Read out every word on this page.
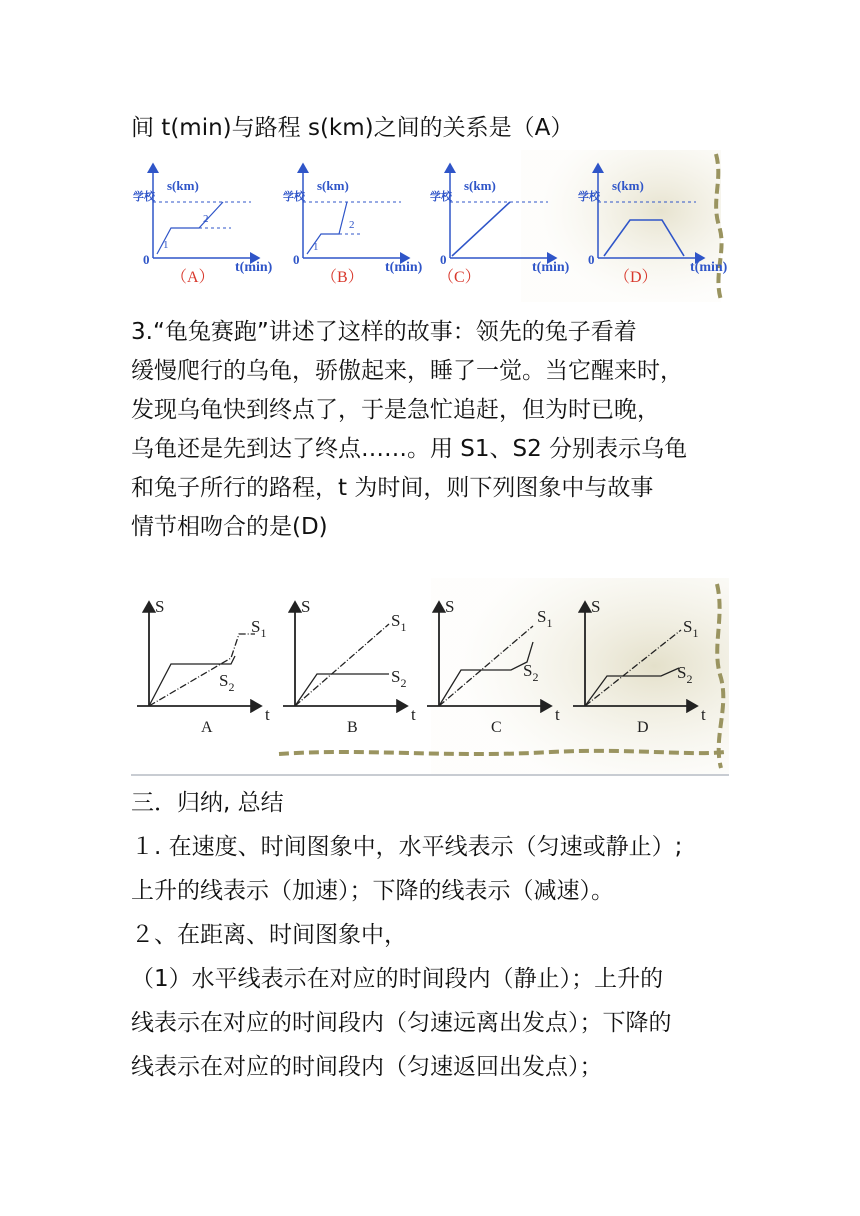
间 t(min)与路程 s(km)之间的关系是（A）
s(km)
学校
0
t(min)
1
2
（A）
s(km)
学校
0
t(min)
1
2
（B）
s(km)
学校
0
t(min)
（C）
s(km)
学校
0
t(min)
（D）
3.“龟兔赛跑”讲述了这样的故事：领先的兔子看着
缓慢爬行的乌龟，骄傲起来，睡了一觉。当它醒来时，
发现乌龟快到终点了，于是急忙追赶，但为时已晚，
乌龟还是先到达了终点……。用 S1、S2 分别表示乌龟
和兔子所行的路程，t 为时间，则下列图象中与故事
情节相吻合的是(D)
S
t
A
$S_1$
$S_2$
S
t
B
$S_1$
$S_2$
S
t
C
$S_1$
$S_2$
S
t
D
$S_1$
$S_2$
三．归纳, 总结
１. 在速度、时间图象中，水平线表示（匀速或静止）;
上升的线表示（加速）；下降的线表示（减速）。
２、在距离、时间图象中，
（1）水平线表示在对应的时间段内（静止）；上升的
线表示在对应的时间段内（匀速远离出发点）；下降的
线表示在对应的时间段内（匀速返回出发点）；
